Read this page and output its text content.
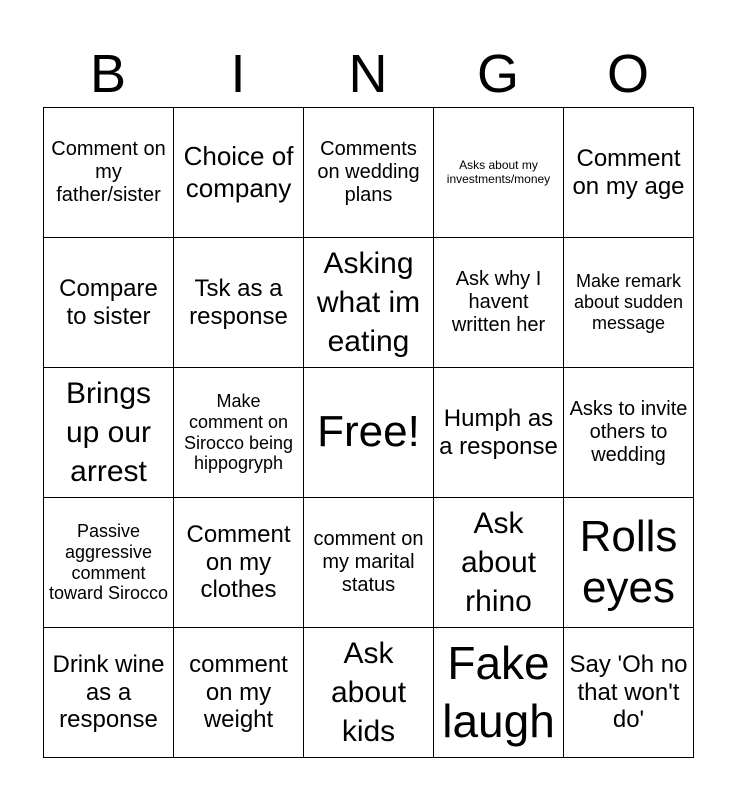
B	I	N	G	O
Comment on my father/sister	Choice of company	Comments on wedding plans	Asks about my investments/money	Comment on my age
Compare to sister	Tsk as a response	Asking what im eating	Ask why I havent written her	Make remark about sudden message
Brings up our arrest	Make comment on Sirocco being hippogryph	Free!	Humph as a response	Asks to invite others to wedding
Passive aggressive comment toward Sirocco	Comment on my clothes	comment on my marital status	Ask about rhino	Rolls eyes
Drink wine as a response	comment on my weight	Ask about kids	Fake laugh	Say 'Oh no that won't do'
